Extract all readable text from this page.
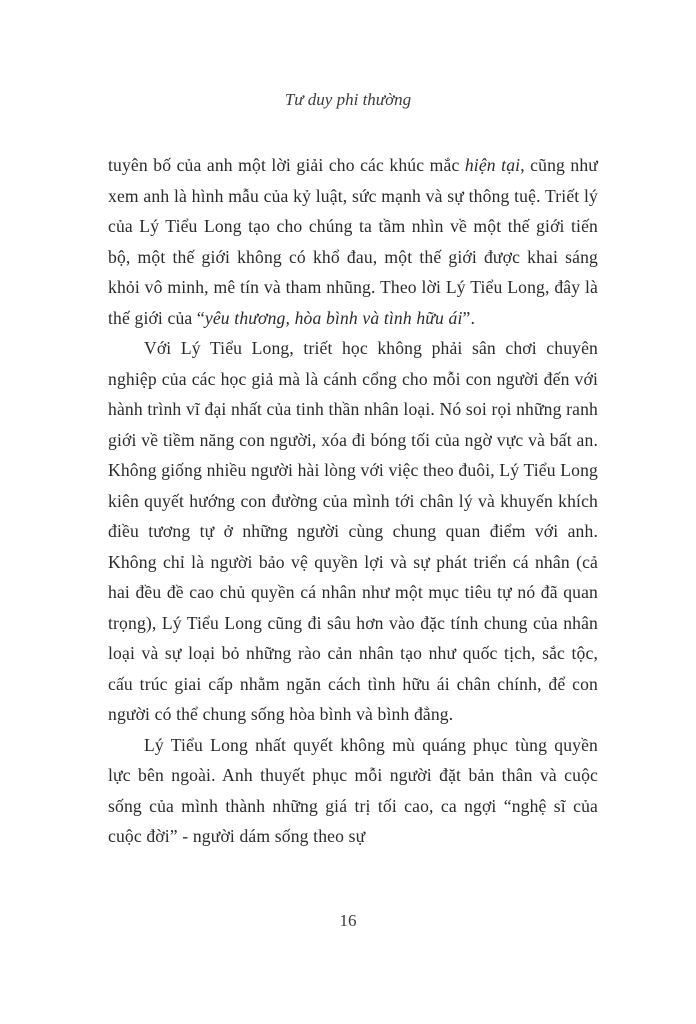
Tư duy phi thường

tuyên bố của anh một lời giải cho các khúc mắc hiện tại, cũng như xem anh là hình mẫu của kỷ luật, sức mạnh và sự thông tuệ. Triết lý của Lý Tiểu Long tạo cho chúng ta tầm nhìn về một thế giới tiến bộ, một thế giới không có khổ đau, một thế giới được khai sáng khỏi vô minh, mê tín và tham nhũng. Theo lời Lý Tiểu Long, đây là thế giới của “yêu thương, hòa bình và tình hữu ái”.

Với Lý Tiểu Long, triết học không phải sân chơi chuyên nghiệp của các học giả mà là cánh cổng cho mỗi con người đến với hành trình vĩ đại nhất của tinh thần nhân loại. Nó soi rọi những ranh giới về tiềm năng con người, xóa đi bóng tối của ngờ vực và bất an. Không giống nhiều người hài lòng với việc theo đuôi, Lý Tiểu Long kiên quyết hướng con đường của mình tới chân lý và khuyến khích điều tương tự ở những người cùng chung quan điểm với anh. Không chỉ là người bảo vệ quyền lợi và sự phát triển cá nhân (cả hai đều đề cao chủ quyền cá nhân như một mục tiêu tự nó đã quan trọng), Lý Tiểu Long cũng đi sâu hơn vào đặc tính chung của nhân loại và sự loại bỏ những rào cản nhân tạo như quốc tịch, sắc tộc, cấu trúc giai cấp nhằm ngăn cách tình hữu ái chân chính, để con người có thể chung sống hòa bình và bình đẳng.

Lý Tiểu Long nhất quyết không mù quáng phục tùng quyền lực bên ngoài. Anh thuyết phục mỗi người đặt bản thân và cuộc sống của mình thành những giá trị tối cao, ca ngợi “nghệ sĩ của cuộc đời” - người dám sống theo sự

16
